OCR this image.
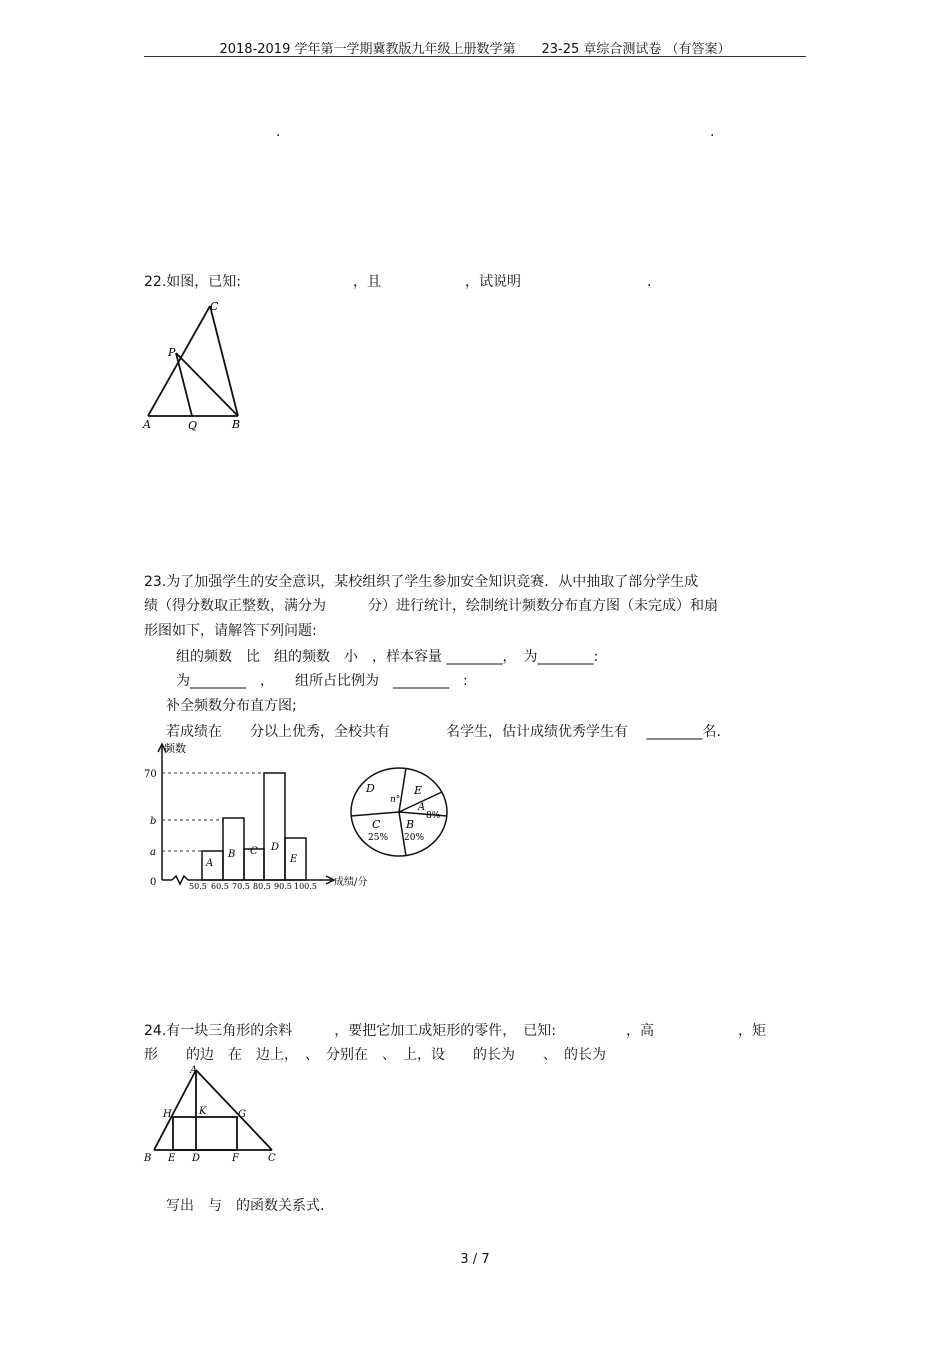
2018-2019 学年第一学期冀教版九年级上册数学第　　23-25 章综合测试卷 （有答案）
.	.
22.如图，已知:　　　　　　　　，且　　　　　　，试说明　　　　　　　　　.
C
P
A	Q	B
23.为了加强学生的安全意识，某校组织了学生参加安全知识竞赛．从中抽取了部分学生成
绩（得分数取正整数，满分为　　　分）进行统计，绘制统计频数分布直方图（未完成）和扇
形图如下，请解答下列问题:
组的频数　比　组的频数　小　，样本容量 ________，　为________:
为________　，　　组所占比例为　________　:
补全频数分布直方图;
若成绩在　　分以上优秀，全校共有　　　　名学生，估计成绩优秀学生有　 ________名.
频数
70
b
a
0
A
B C D
E
50.5 60.5 70.5 80.5 90.5 100.5 成绩/分
D
n°
E
A
8%
C
25%
B
20%
24.有一块三角形的余料　　　，要把它加工成矩形的零件，　已知:　　　　　，高　　　　　　，矩
形　　的边　在　边上，　、　分别在　、　上，设　　的长为　　、　的长为
A
H	K	G
B E D	F	C
写出　与　的函数关系式.
3 / 7
